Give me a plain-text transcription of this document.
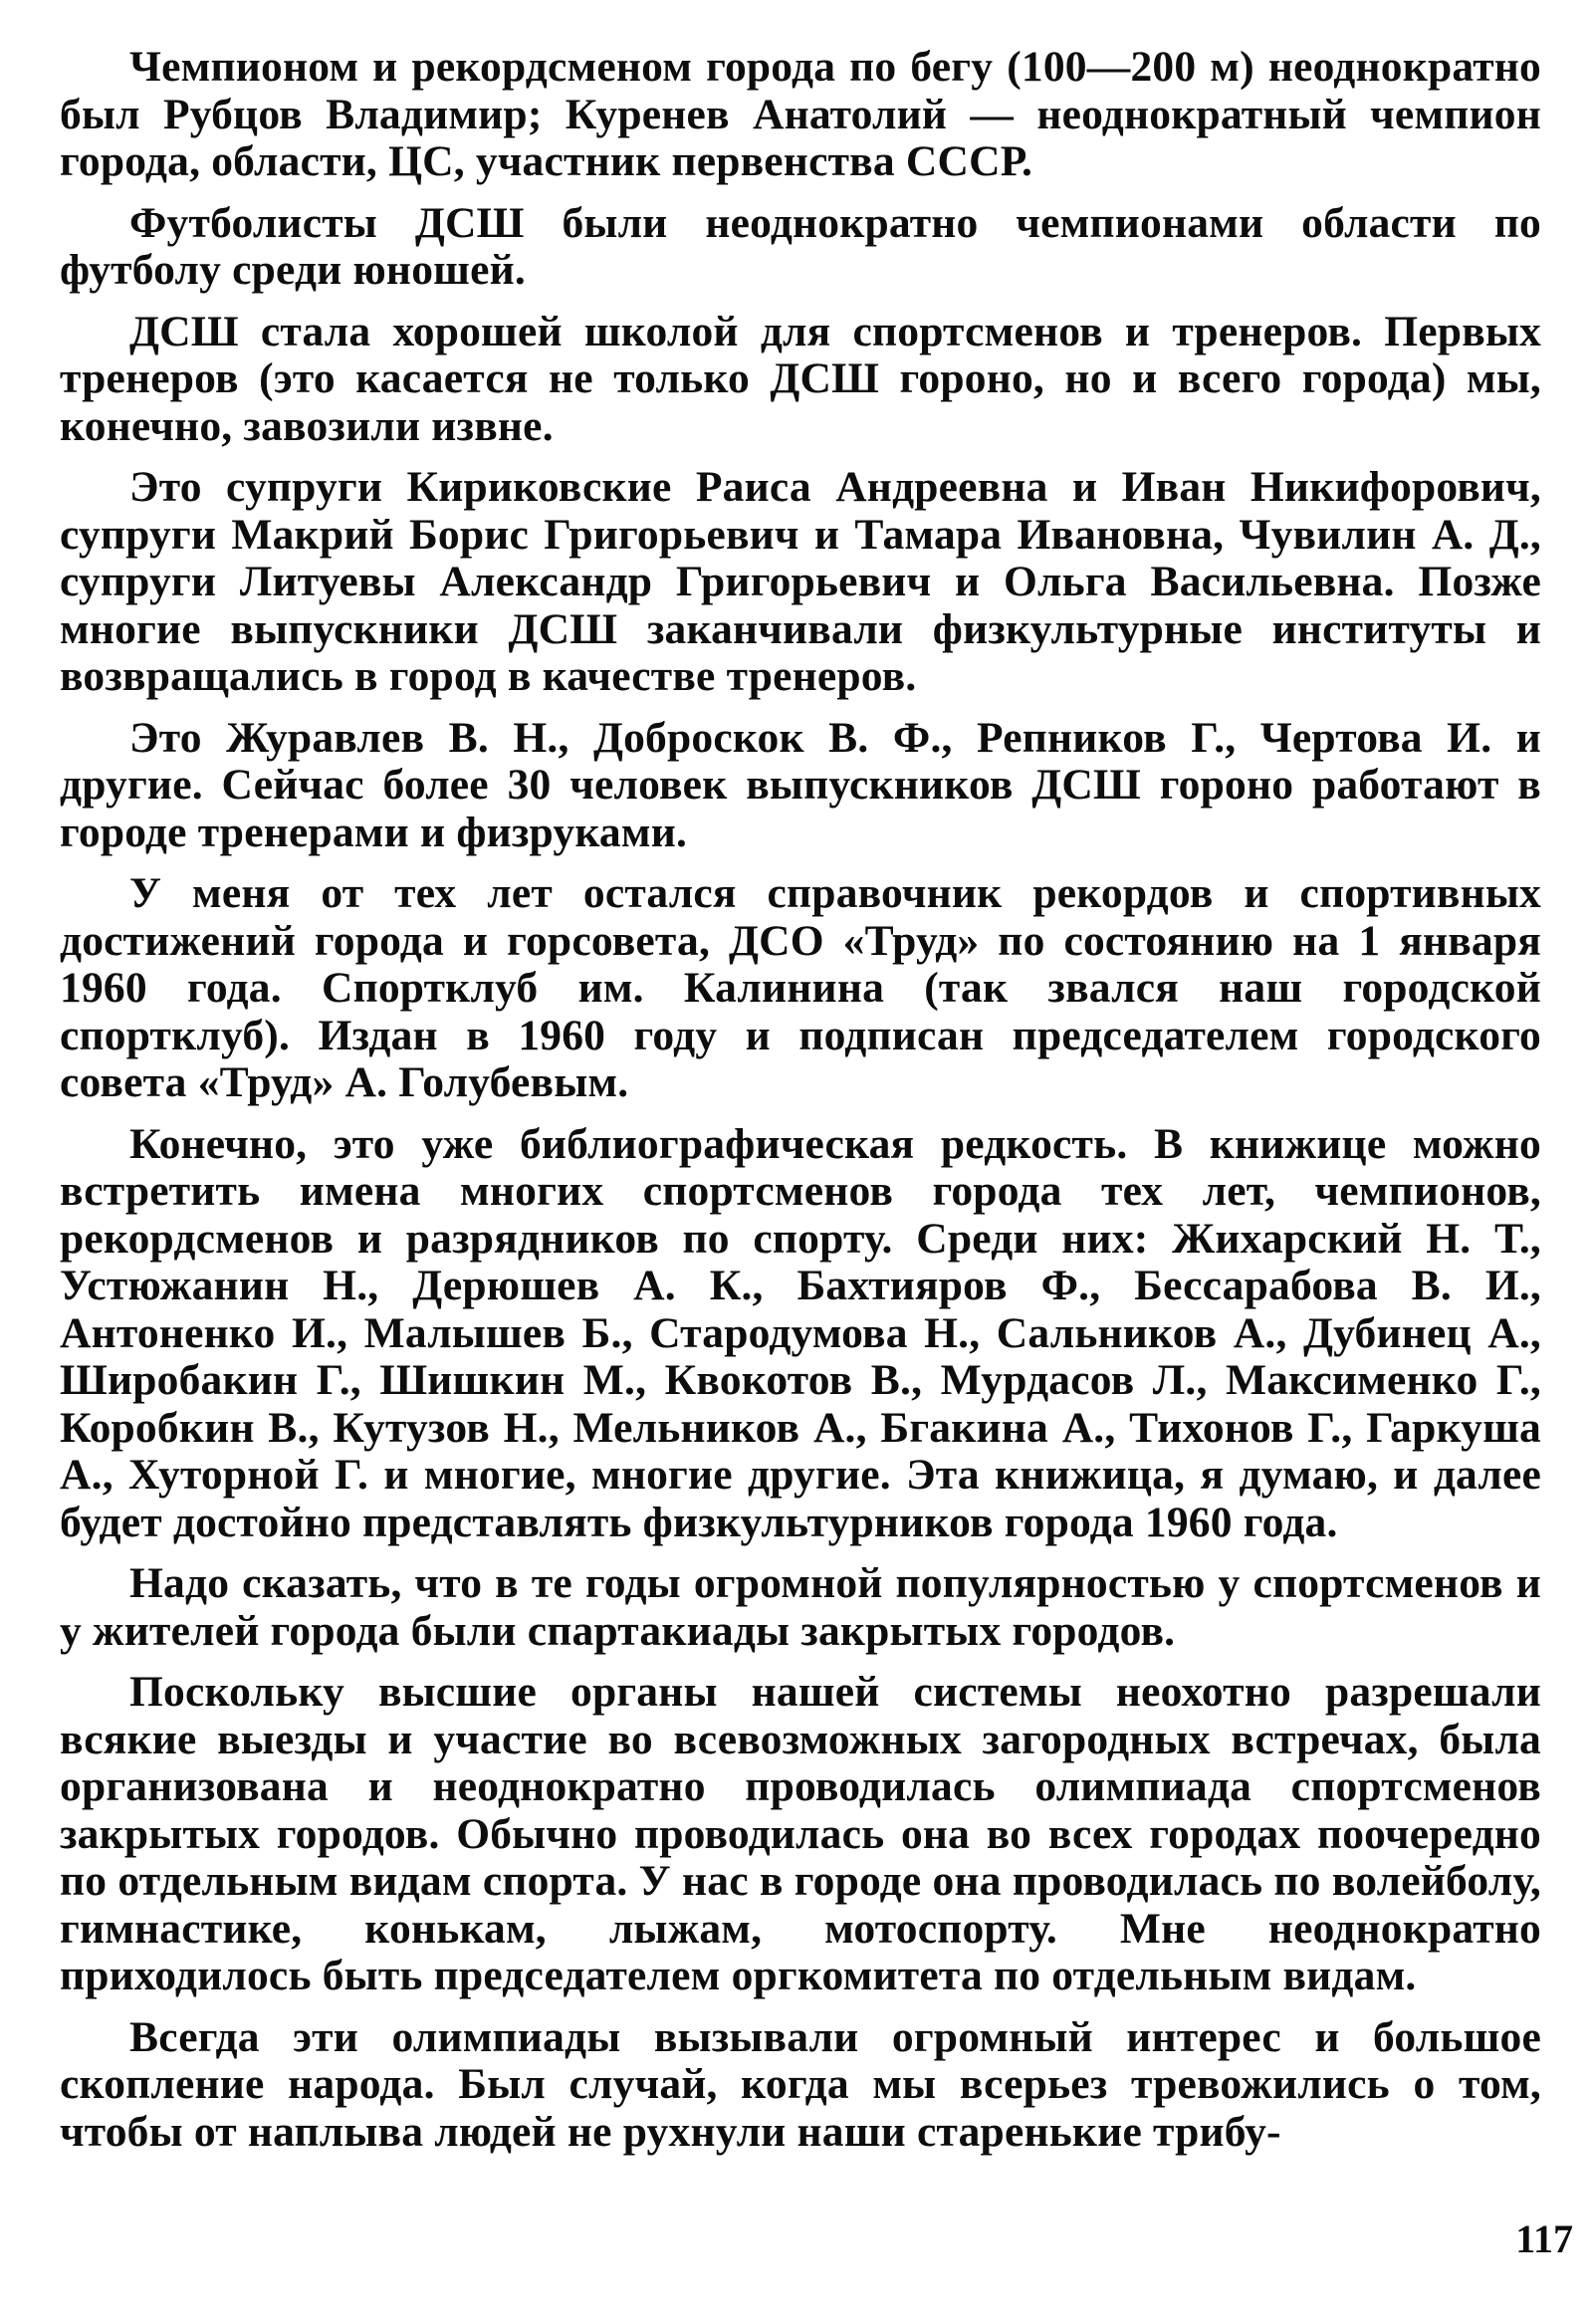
Чемпионом и рекордсменом города по бегу (100—200 м) неоднократно был Рубцов Владимир; Куренев Анатолий — неоднократный чемпион города, области, ЦС, участник первенства СССР.

Футболисты ДСШ были неоднократно чемпионами области по футболу среди юношей.

ДСШ стала хорошей школой для спортсменов и тренеров. Первых тренеров (это касается не только ДСШ гороно, но и всего города) мы, конечно, завозили извне.

Это супруги Кириковские Раиса Андреевна и Иван Никифорович, супруги Макрий Борис Григорьевич и Тамара Ивановна, Чувилин А. Д., супруги Литуевы Александр Григорьевич и Ольга Васильевна. Позже многие выпускники ДСШ заканчивали физкультурные институты и возвращались в город в качестве тренеров.

Это Журавлев В. Н., Доброскок В. Ф., Репников Г., Чертова И. и другие. Сейчас более 30 человек выпускников ДСШ гороно работают в городе тренерами и физруками.

У меня от тех лет остался справочник рекордов и спортивных достижений города и горсовета, ДСО «Труд» по состоянию на 1 января 1960 года. Спортклуб им. Калинина (так звался наш городской спортклуб). Издан в 1960 году и подписан председателем городского совета «Труд» А. Голубевым.

Конечно, это уже библиографическая редкость. В книжице можно встретить имена многих спортсменов города тех лет, чемпионов, рекордсменов и разрядников по спорту. Среди них: Жихарский Н. Т., Устюжанин Н., Дерюшев А. К., Бахтияров Ф., Бессарабова В. И., Антоненко И., Малышев Б., Стародумова Н., Сальников А., Дубинец А., Широбакин Г., Шишкин М., Квокотов В., Мурдасов Л., Максименко Г., Коробкин В., Кутузов Н., Мельников А., Бгакина А., Тихонов Г., Гаркуша А., Хуторной Г. и многие, многие другие. Эта книжица, я думаю, и далее будет достойно представлять физкультурников города 1960 года.

Надо сказать, что в те годы огромной популярностью у спортсменов и у жителей города были спартакиады закрытых городов.

Поскольку высшие органы нашей системы неохотно разрешали всякие выезды и участие во всевозможных загородных встречах, была организована и неоднократно проводилась олимпиада спортсменов закрытых городов. Обычно проводилась она во всех городах поочередно по отдельным видам спорта. У нас в городе она проводилась по волейболу, гимнастике, конькам, лыжам, мотоспорту. Мне неоднократно приходилось быть председателем оргкомитета по отдельным видам.

Всегда эти олимпиады вызывали огромный интерес и большое скопление народа. Был случай, когда мы всерьез тревожились о том, чтобы от наплыва людей не рухнули наши старенькие трибу-

117
